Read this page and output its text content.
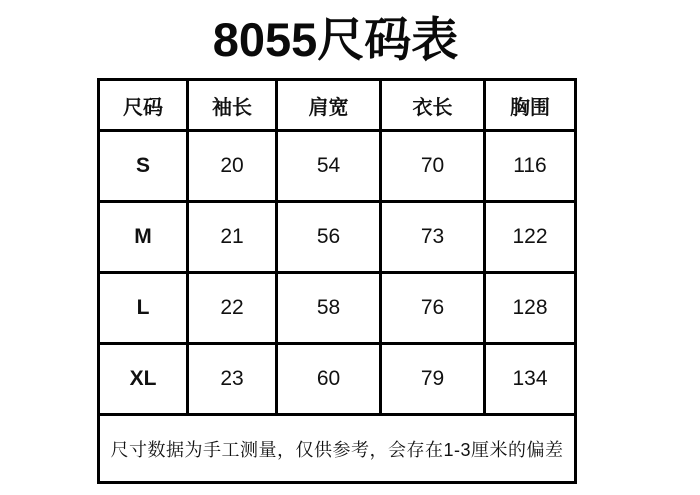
8055尺码表
尺码	袖长	肩宽	衣长	胸围
S	20	54	70	116
M	21	56	73	122
L	22	58	76	128
XL	23	60	79	134
尺寸数据为手工测量，仅供参考，会存在1-3厘米的偏差				
